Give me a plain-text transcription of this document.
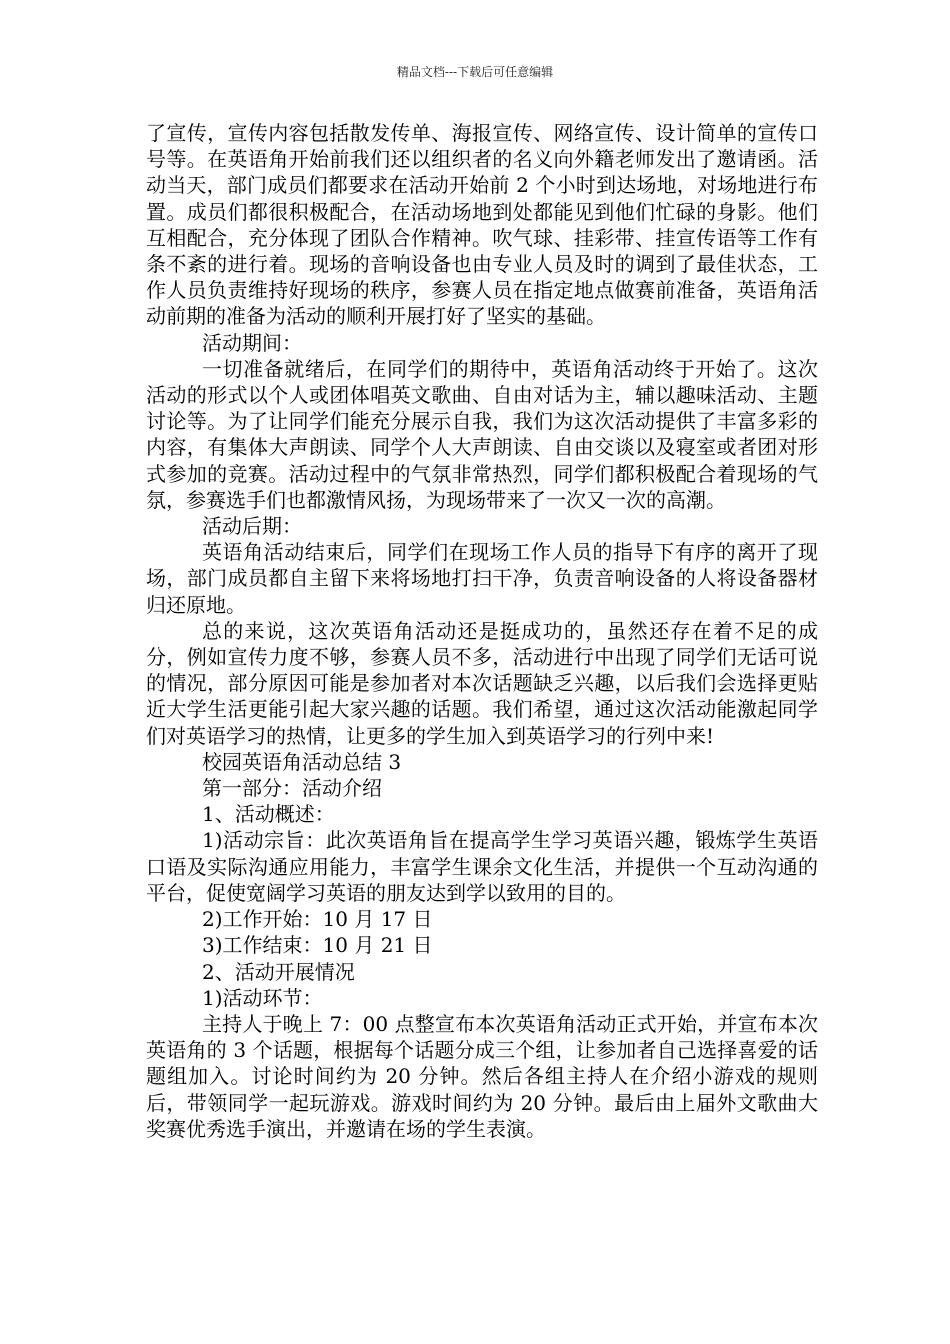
精品文档---下载后可任意编辑

了宣传，宣传内容包括散发传单、海报宣传、网络宣传、设计简单的宣传口号等。在英语角开始前我们还以组织者的名义向外籍老师发出了邀请函。活动当天，部门成员们都要求在活动开始前 2 个小时到达场地，对场地进行布置。成员们都很积极配合，在活动场地到处都能见到他们忙碌的身影。他们互相配合，充分体现了团队合作精神。吹气球、挂彩带、挂宣传语等工作有条不紊的进行着。现场的音响设备也由专业人员及时的调到了最佳状态，工作人员负责维持好现场的秩序，参赛人员在指定地点做赛前准备，英语角活动前期的准备为活动的顺利开展打好了坚实的基础。

活动期间：

一切准备就绪后，在同学们的期待中，英语角活动终于开始了。这次活动的形式以个人或团体唱英文歌曲、自由对话为主，辅以趣味活动、主题讨论等。为了让同学们能充分展示自我，我们为这次活动提供了丰富多彩的内容，有集体大声朗读、同学个人大声朗读、自由交谈以及寝室或者团对形式参加的竞赛。活动过程中的气氛非常热烈，同学们都积极配合着现场的气氛，参赛选手们也都激情风扬，为现场带来了一次又一次的高潮。

活动后期：

英语角活动结束后，同学们在现场工作人员的指导下有序的离开了现场，部门成员都自主留下来将场地打扫干净，负责音响设备的人将设备器材归还原地。

总的来说，这次英语角活动还是挺成功的，虽然还存在着不足的成分，例如宣传力度不够，参赛人员不多，活动进行中出现了同学们无话可说的情况，部分原因可能是参加者对本次话题缺乏兴趣，以后我们会选择更贴近大学生活更能引起大家兴趣的话题。我们希望，通过这次活动能激起同学们对英语学习的热情，让更多的学生加入到英语学习的行列中来!

校园英语角活动总结 3

第一部分：活动介绍

1、活动概述：

1)活动宗旨：此次英语角旨在提高学生学习英语兴趣，锻炼学生英语口语及实际沟通应用能力，丰富学生课余文化生活，并提供一个互动沟通的平台，促使宽阔学习英语的朋友达到学以致用的目的。

2)工作开始：10 月 17 日

3)工作结束：10 月 21 日

2、活动开展情况

1)活动环节：

主持人于晚上 7：00 点整宣布本次英语角活动正式开始，并宣布本次英语角的 3 个话题，根据每个话题分成三个组，让参加者自己选择喜爱的话题组加入。讨论时间约为 20 分钟。然后各组主持人在介绍小游戏的规则后，带领同学一起玩游戏。游戏时间约为 20 分钟。最后由上届外文歌曲大奖赛优秀选手演出，并邀请在场的学生表演。
